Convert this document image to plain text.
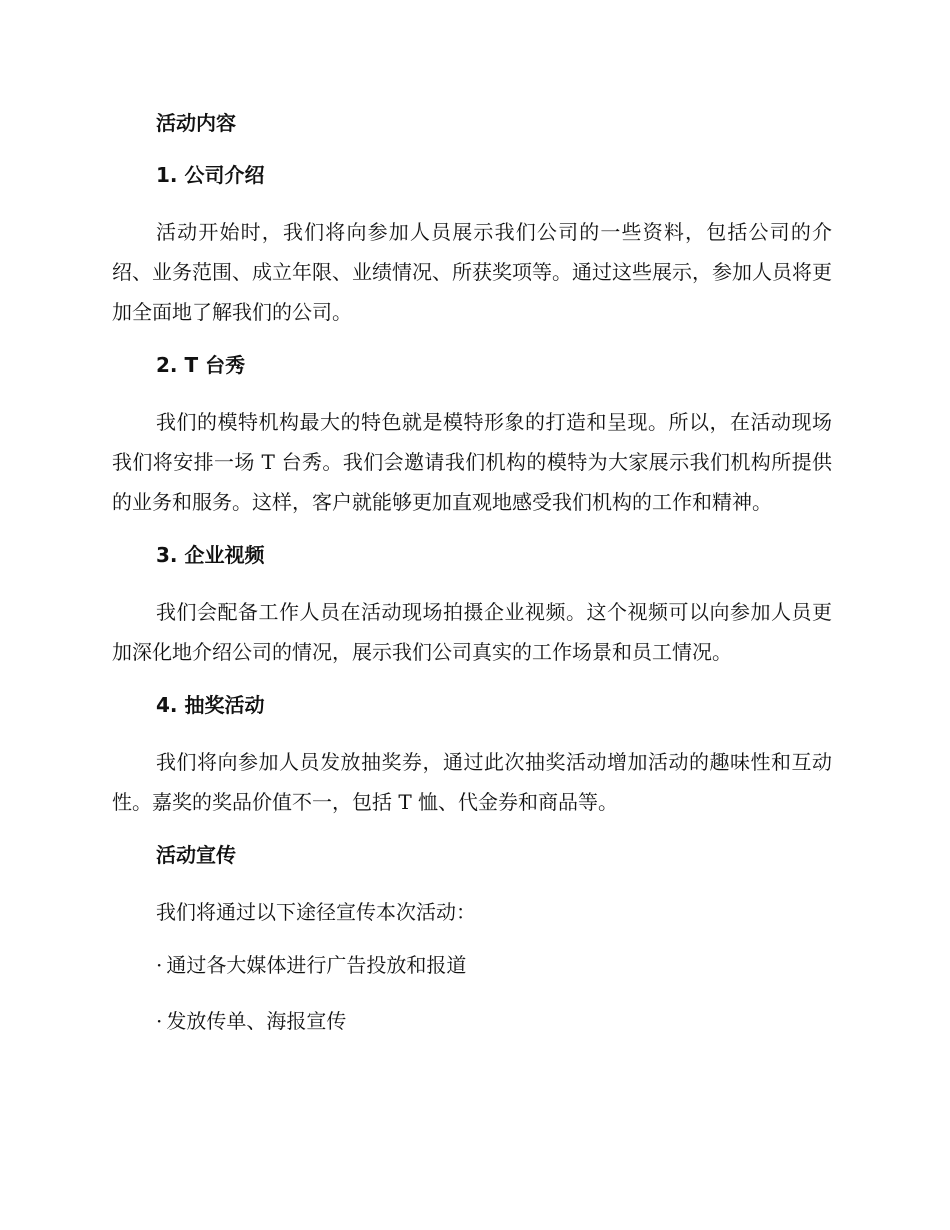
活动内容
1. 公司介绍

活动开始时，我们将向参加人员展示我们公司的一些资料，包括公司的介绍、业务范围、成立年限、业绩情况、所获奖项等。通过这些展示，参加人员将更加全面地了解我们的公司。

2. T 台秀

我们的模特机构最大的特色就是模特形象的打造和呈现。所以，在活动现场我们将安排一场 T 台秀。我们会邀请我们机构的模特为大家展示我们机构所提供的业务和服务。这样，客户就能够更加直观地感受我们机构的工作和精神。

3. 企业视频

我们会配备工作人员在活动现场拍摄企业视频。这个视频可以向参加人员更加深化地介绍公司的情况，展示我们公司真实的工作场景和员工情况。

4. 抽奖活动

我们将向参加人员发放抽奖券，通过此次抽奖活动增加活动的趣味性和互动性。嘉奖的奖品价值不一，包括 T 恤、代金券和商品等。

活动宣传

我们将通过以下途径宣传本次活动：

· 通过各大媒体进行广告投放和报道
· 发放传单、海报宣传
